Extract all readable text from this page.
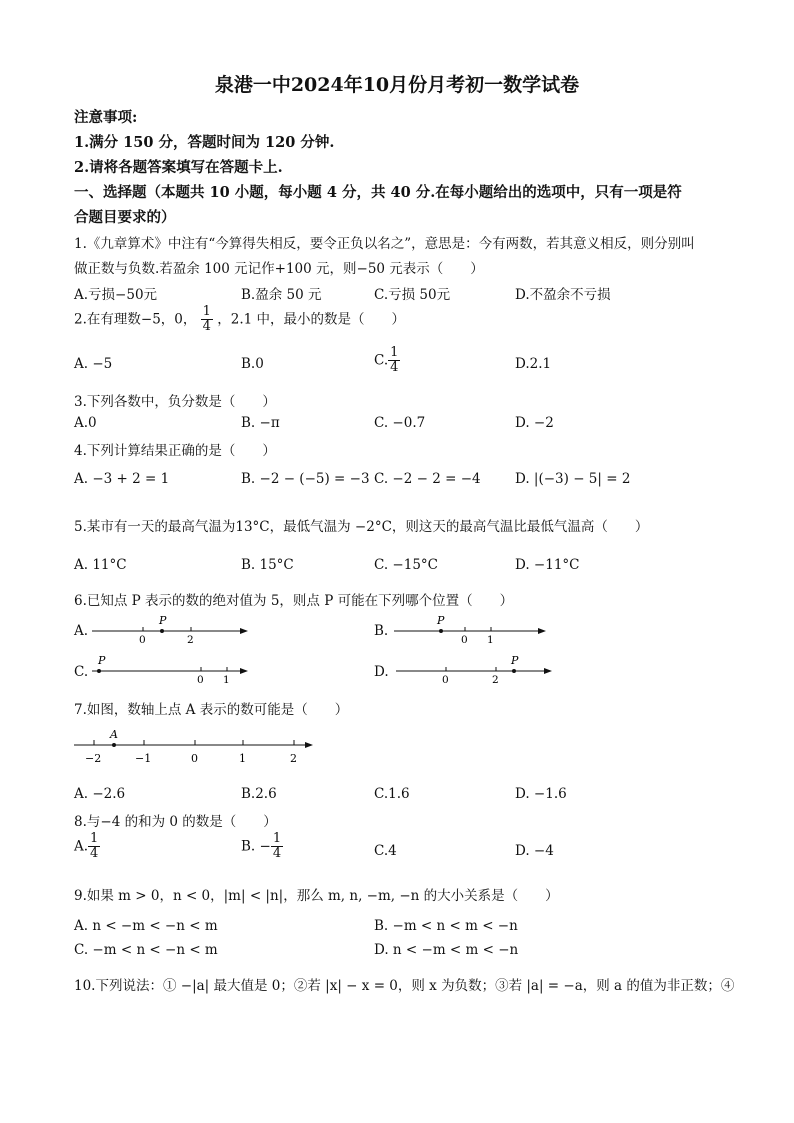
泉港一中2024年10月份月考初一数学试卷
注意事项:
1.满分 150 分，答题时间为 120 分钟.
2.请将各题答案填写在答题卡上.
一、选择题（本题共 10 小题，每小题 4 分，共 40 分.在每小题给出的选项中，只有一项是符
合题目要求的）
1.《九章算术》中注有“今算得失相反，要令正负以名之”，意思是：今有两数，若其意义相反，则分别叫
做正数与负数.若盈余 100 元记作+100 元，则−50 元表示（　　）
A.亏损−50元	B.盈余 50 元	C.亏损 50元	D.不盈余不亏损
2.在有理数−5，0， $\frac{1}{4}$ ，2.1 中，最小的数是（　　）
A. −5	B.0	C. $\frac{1}{4}$	D.2.1
3.下列各数中，负分数是（　　）
A.0	B. −π	C. −0.7	D. −2
4.下列计算结果正确的是（　　）
A. −3 + 2 = 1	B. −2 − (−5) = −3 C. −2 − 2 = −4	D. |(−3) − 5| = 2
5.某市有一天的最高气温为13°C，最低气温为 −2°C，则这天的最高气温比最低气温高（　　）
A. 11°C	B. 15°C	C. −15°C	D. −11°C
6.已知点 P 表示的数的绝对值为 5，则点 P 可能在下列哪个位置（　　）
A.
P
0	2
B.
P
0 1
C.
P
0 1	D.
P
0	2
7.如图，数轴上点 A 表示的数可能是（　　）
A
−2	−1	0	1	2
A. −2.6	B.2.6	C.1.6	D. −1.6
8.与−4 的和为 0 的数是（　　）
A. $\frac{1}{4}$	B. − $\frac{1}{4}$	C.4	D. −4
9.如果 m > 0，n < 0，|m| < |n|，那么 m, n, −m, −n 的大小关系是（　　）
A. n < −m < −n < m	B. −m < n < m < −n
C. −m < n < −n < m	D. n < −m < m < −n
10.下列说法：① −|a| 最大值是 0；②若 |x| − x = 0，则 x 为负数；③若 |a| = −a，则 a 的值为非正数；④
